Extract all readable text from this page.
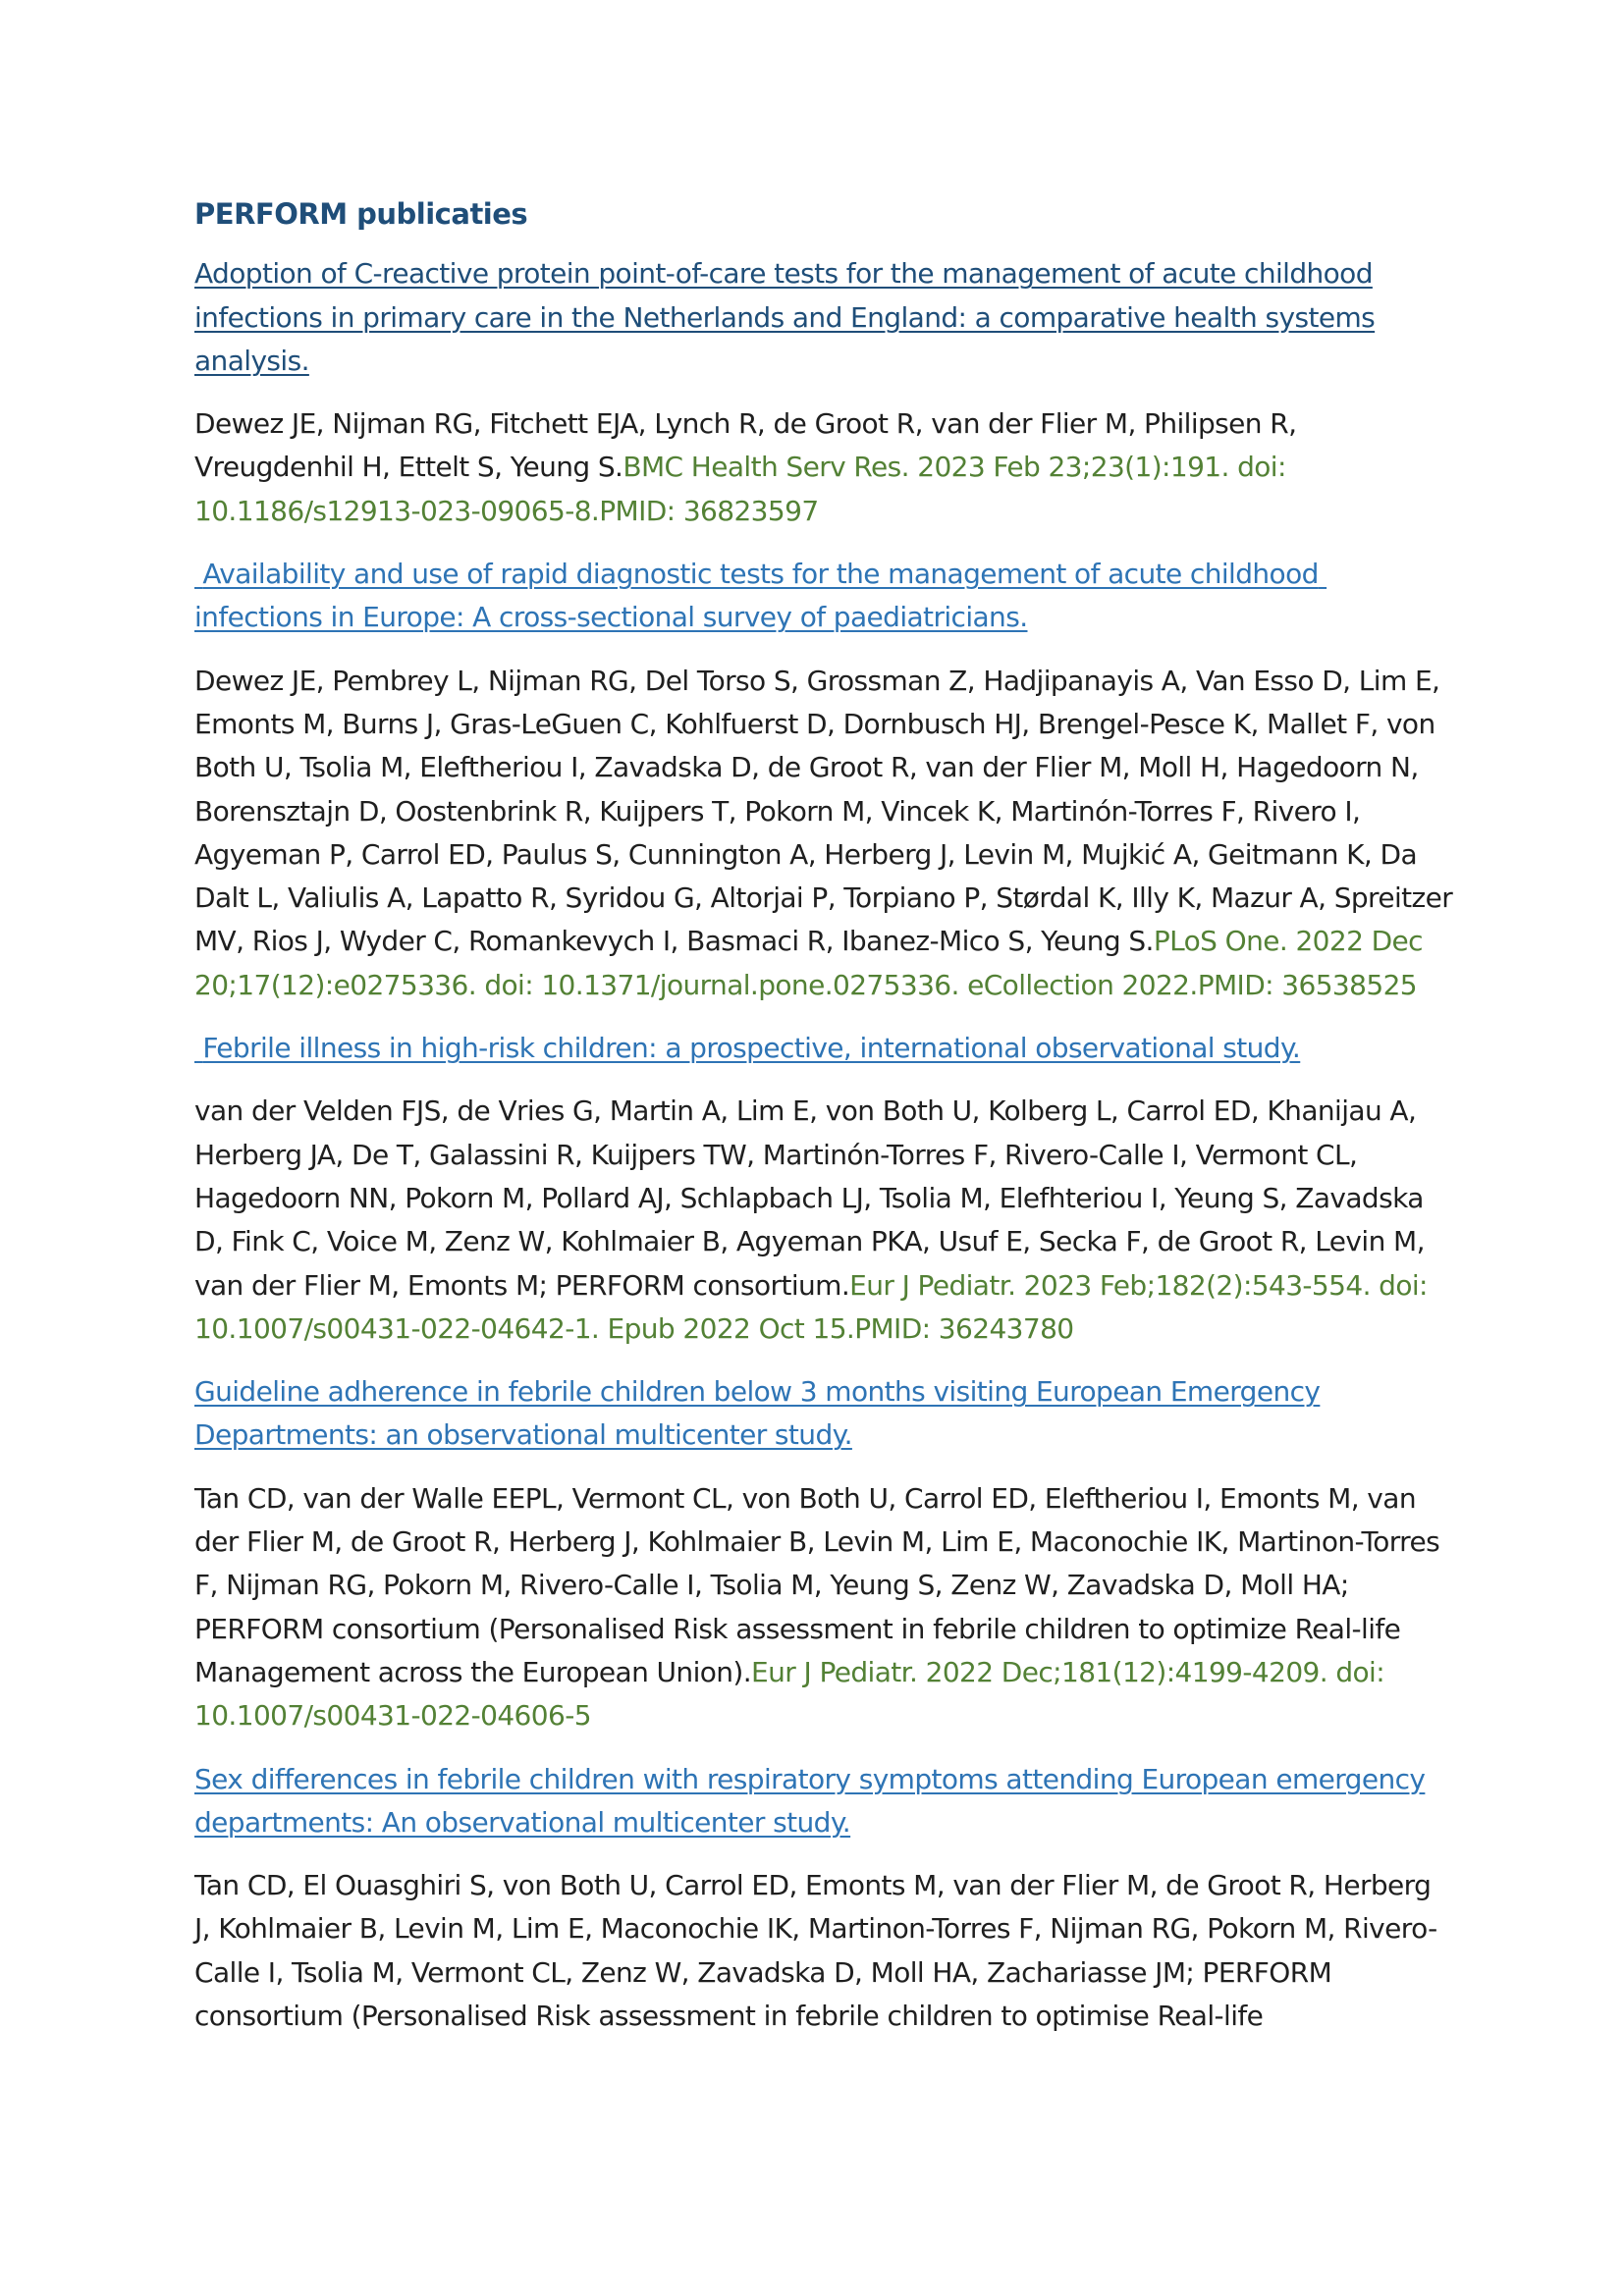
PERFORM publicaties
Adoption of C-reactive protein point-of-care tests for the management of acute childhood infections in primary care in the Netherlands and England: a comparative health systems analysis.
Dewez JE, Nijman RG, Fitchett EJA, Lynch R, de Groot R, van der Flier M, Philipsen R, Vreugdenhil H, Ettelt S, Yeung S.BMC Health Serv Res. 2023 Feb 23;23(1):191. doi: 10.1186/s12913-023-09065-8.PMID: 36823597
Availability and use of rapid diagnostic tests for the management of acute childhood infections in Europe: A cross-sectional survey of paediatricians.
Dewez JE, Pembrey L, Nijman RG, Del Torso S, Grossman Z, Hadjipanayis A, Van Esso D, Lim E, Emonts M, Burns J, Gras-LeGuen C, Kohlfuerst D, Dornbusch HJ, Brengel-Pesce K, Mallet F, von Both U, Tsolia M, Eleftheriou I, Zavadska D, de Groot R, van der Flier M, Moll H, Hagedoorn N, Borensztajn D, Oostenbrink R, Kuijpers T, Pokorn M, Vincek K, Martinón-Torres F, Rivero I, Agyeman P, Carrol ED, Paulus S, Cunnington A, Herberg J, Levin M, Mujkić A, Geitmann K, Da Dalt L, Valiulis A, Lapatto R, Syridou G, Altorjai P, Torpiano P, Størdal K, Illy K, Mazur A, Spreitzer MV, Rios J, Wyder C, Romankevych I, Basmaci R, Ibanez-Mico S, Yeung S.PLoS One. 2022 Dec 20;17(12):e0275336. doi: 10.1371/journal.pone.0275336. eCollection 2022.PMID: 36538525
Febrile illness in high-risk children: a prospective, international observational study.
van der Velden FJS, de Vries G, Martin A, Lim E, von Both U, Kolberg L, Carrol ED, Khanijau A, Herberg JA, De T, Galassini R, Kuijpers TW, Martinón-Torres F, Rivero-Calle I, Vermont CL, Hagedoorn NN, Pokorn M, Pollard AJ, Schlapbach LJ, Tsolia M, Elefhteriou I, Yeung S, Zavadska D, Fink C, Voice M, Zenz W, Kohlmaier B, Agyeman PKA, Usuf E, Secka F, de Groot R, Levin M, van der Flier M, Emonts M; PERFORM consortium.Eur J Pediatr. 2023 Feb;182(2):543-554. doi: 10.1007/s00431-022-04642-1. Epub 2022 Oct 15.PMID: 36243780
Guideline adherence in febrile children below 3 months visiting European Emergency Departments: an observational multicenter study.
Tan CD, van der Walle EEPL, Vermont CL, von Both U, Carrol ED, Eleftheriou I, Emonts M, van der Flier M, de Groot R, Herberg J, Kohlmaier B, Levin M, Lim E, Maconochie IK, Martinon-Torres F, Nijman RG, Pokorn M, Rivero-Calle I, Tsolia M, Yeung S, Zenz W, Zavadska D, Moll HA; PERFORM consortium (Personalised Risk assessment in febrile children to optimize Real-life Management across the European Union).Eur J Pediatr. 2022 Dec;181(12):4199-4209. doi: 10.1007/s00431-022-04606-5
Sex differences in febrile children with respiratory symptoms attending European emergency departments: An observational multicenter study.
Tan CD, El Ouasghiri S, von Both U, Carrol ED, Emonts M, van der Flier M, de Groot R, Herberg J, Kohlmaier B, Levin M, Lim E, Maconochie IK, Martinon-Torres F, Nijman RG, Pokorn M, Rivero-Calle I, Tsolia M, Vermont CL, Zenz W, Zavadska D, Moll HA, Zachariasse JM; PERFORM consortium (Personalised Risk assessment in febrile children to optimise Real-life
